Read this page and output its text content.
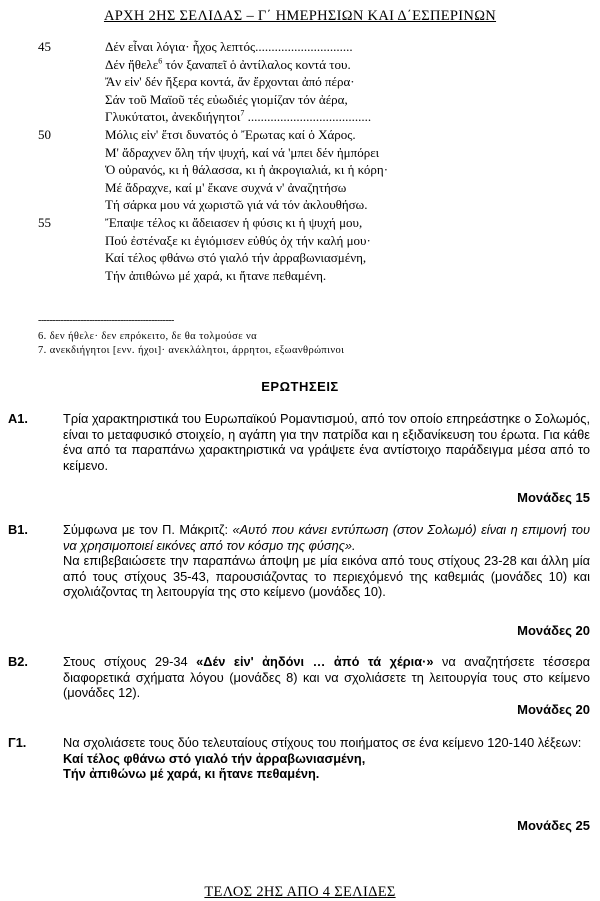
ΑΡΧΗ 2ΗΣ ΣΕΛΙΔΑΣ – Γ΄ ΗΜΕΡΗΣΙΩΝ ΚΑΙ Δ΄ΕΣΠΕΡΙΝΩΝ
45	Δέν εἶναι λόγια· ἦχος λεπτός..............................
Δέν ἤθελε$^6$ τόν ξαναπεῖ ὁ ἀντίλαλος κοντά του.
Ἄν εἰν' δέν ἤξερα κοντά, ἄν ἔρχονται ἀπό πέρα·
Σάν τοῦ Μαϊοῦ τές εὐωδιές γιομίζαν τόν ἀέρα,
Γλυκύτατοι, ἀνεκδιήγητοι$^7$ ......................................
50	Μόλις εἰν' ἔτσι δυνατός ὁ Ἔρωτας καί ὁ Χάρος.
Μ' ἄδραχνεν ὅλη τήν ψυχή, καί νά 'μπει δέν ἠμπόρει
Ὁ οὐρανός, κι ἡ θάλασσα, κι ἡ ἀκρογιαλιά, κι ἡ κόρη·
Μέ ἄδραχνε, καί μ' ἔκανε συχνά ν' ἀναζητήσω
Τή σάρκα μου νά χωριστῶ γιά νά τόν ἀκλουθήσω.
55	Ἔπαψε τέλος κι ἄδειασεν ἡ φύσις κι ἡ ψυχή μου,
Πού ἐστέναξε κι ἐγιόμισεν εὐθύς ὀχ τήν καλή μου·
Καί τέλος φθάνω στό γιαλό τήν ἀρραβωνιασμένη,
Τήν ἀπιθώνω μέ χαρά, κι ἤτανε πεθαμένη.
------------------------------------------------
6. δεν ήθελε· δεν επρόκειτο, δε θα τολμούσε να
7. ανεκδιήγητοι [ενν. ήχοι]· ανεκλάλητοι, άρρητοι, εξωανθρώπινοι
ΕΡΩΤΗΣΕΙΣ
Α1.	Τρία χαρακτηριστικά του Ευρωπαϊκού Ρομαντισμού, από τον οποίο επηρεάστηκε ο Σολωμός, είναι το μεταφυσικό στοιχείο, η αγάπη για την πατρίδα και η εξιδανίκευση του έρωτα. Για κάθε ένα από τα παραπάνω χαρακτηριστικά να γράψετε ένα αντίστοιχο παράδειγμα μέσα από το κείμενο.
Μονάδες 15
Β1.	Σύμφωνα με τον Π. Μάκριτζ: «Αυτό που κάνει εντύπωση (στον Σολωμό) είναι η επιμονή του να χρησιμοποιεί εικόνες από τον κόσμο της φύσης».

Να επιβεβαιώσετε την παραπάνω άποψη με μία εικόνα από τους στίχους 23-28 και άλλη μία από τους στίχους 35-43, παρουσιάζοντας το περιεχόμενό της καθεμιάς (μονάδες 10) και σχολιάζοντας τη λειτουργία της στο κείμενο (μονάδες 10).

Μονάδες 20
Β2.	Στους στίχους 29-34 «Δέν εἰν' ἀηδόνι … ἀπό τά χέρια·» να αναζητήσετε τέσσερα διαφορετικά σχήματα λόγου (μονάδες 8) και να σχολιάσετε τη λειτουργία τους στο κείμενο (μονάδες 12).
Μονάδες 20
Γ1.	Να σχολιάσετε τους δύο τελευταίους στίχους του ποιήματος σε ένα κείμενο 120-140 λέξεων:

Καί τέλος φθάνω στό γιαλό τήν ἀρραβωνιασμένη,

Τήν ἀπιθώνω μέ χαρά, κι ἤτανε πεθαμένη.

Μονάδες 25
ΤΕΛΟΣ 2ΗΣ ΑΠΟ 4 ΣΕΛΙΔΕΣ
